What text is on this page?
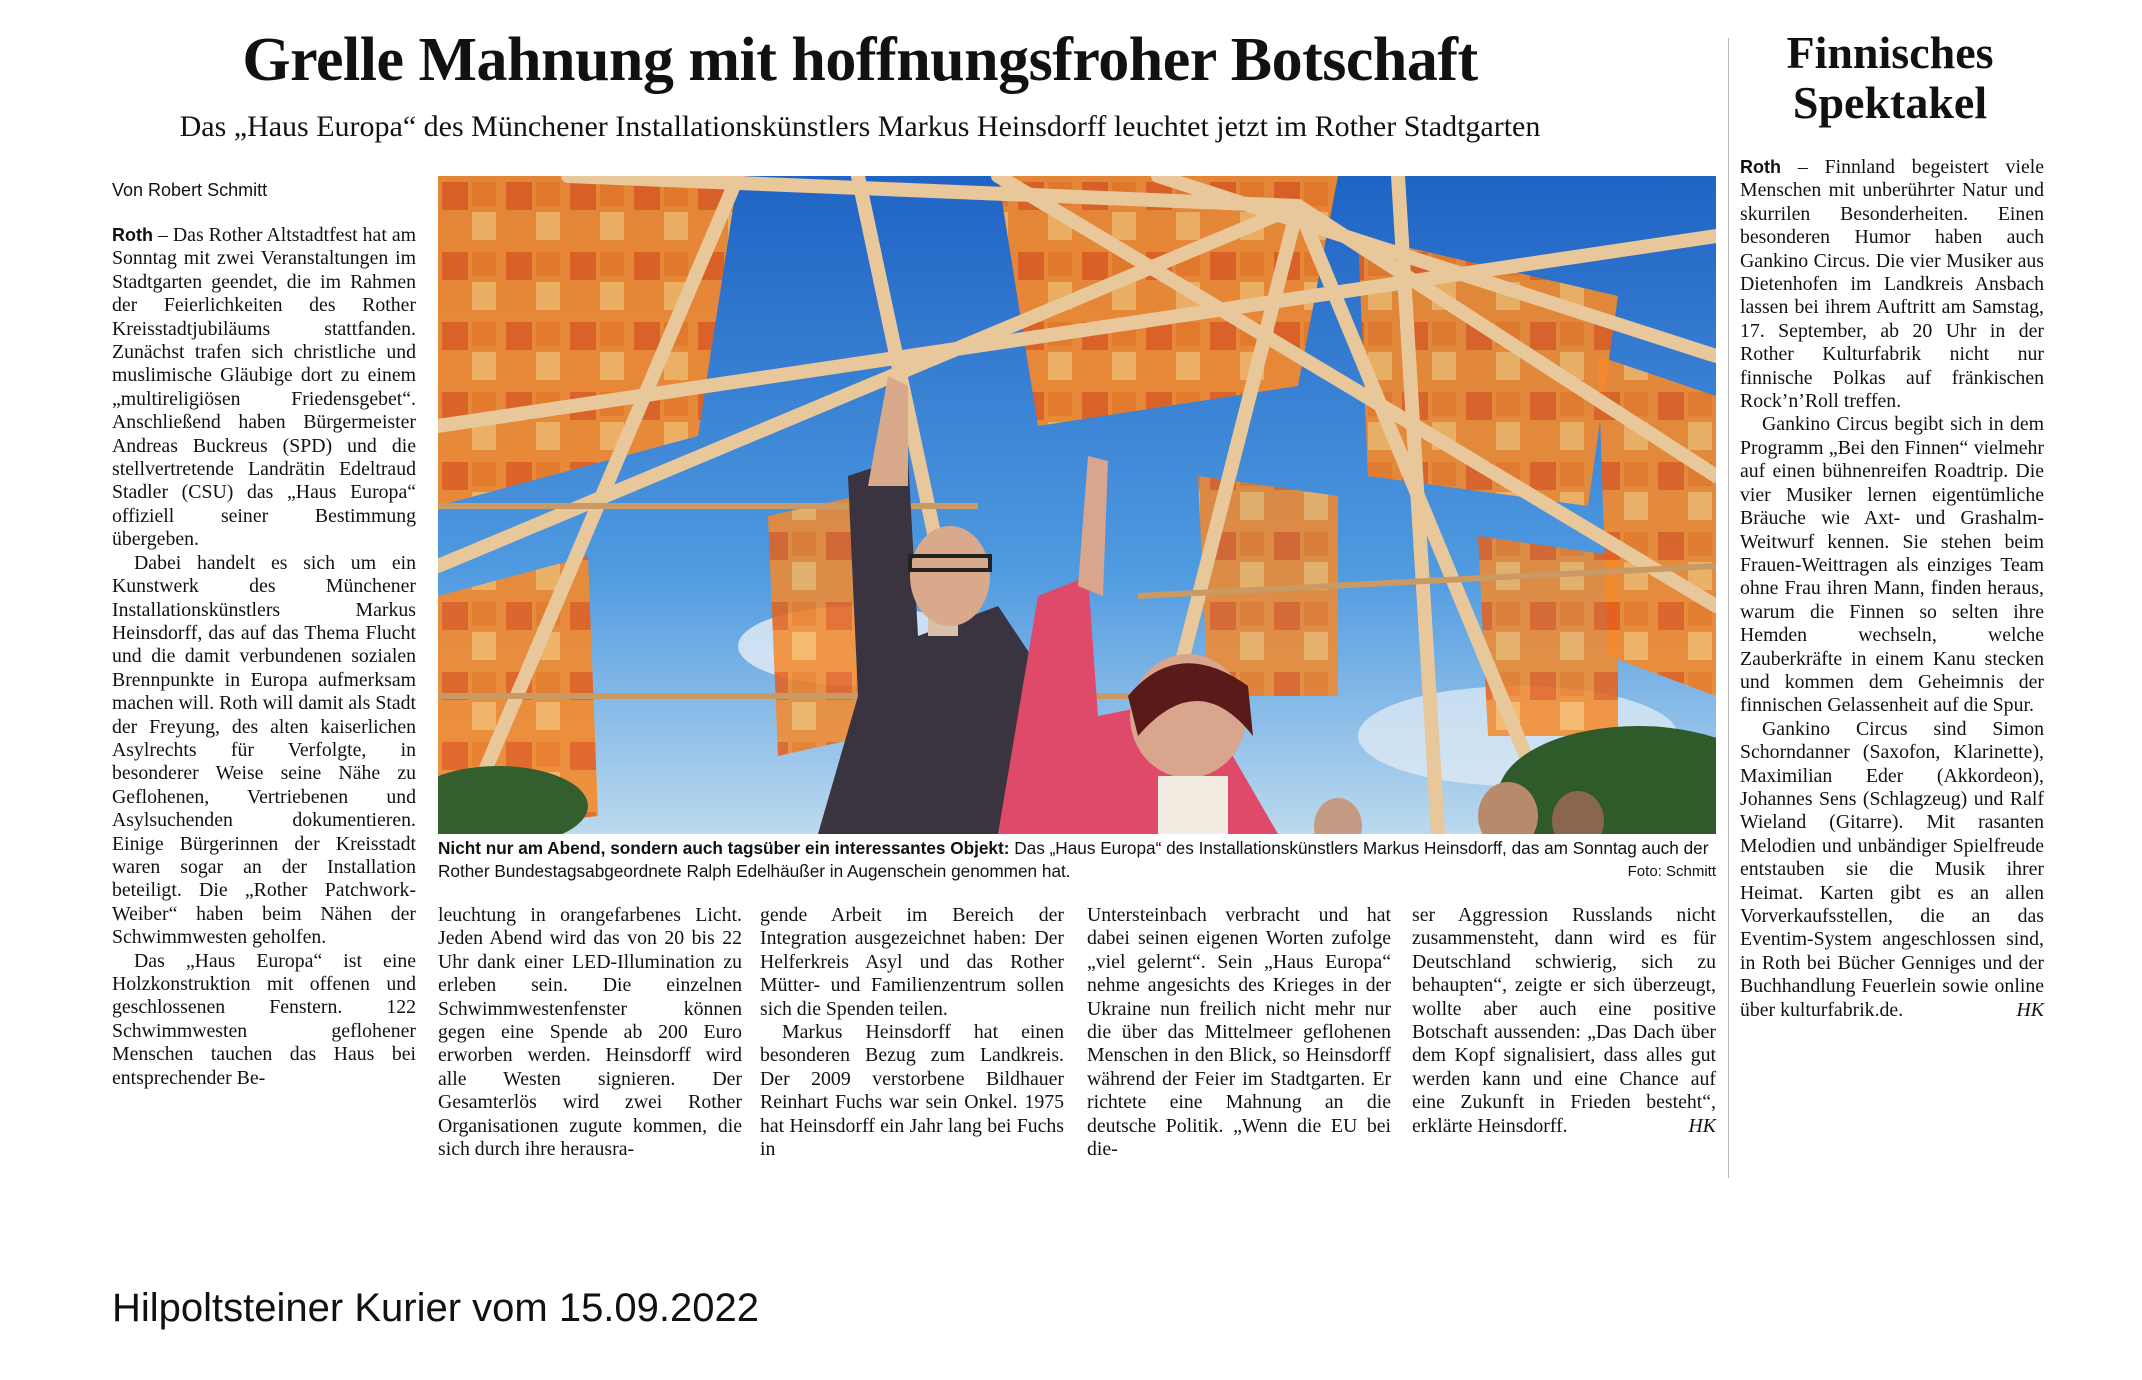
Grelle Mahnung mit hoffnungsfroher Botschaft

Das „Haus Europa“ des Münchener Installationskünstlers Markus Heinsdorff leuchtet jetzt im Rother Stadtgarten

Von Robert Schmitt

Roth – Das Rother Altstadtfest hat am Sonntag mit zwei Veranstaltungen im Stadtgarten geendet, die im Rahmen der Feierlichkeiten des Rother Kreisstadtjubiläums stattfanden. Zunächst trafen sich christliche und muslimische Gläubige dort zu einem „multireligiösen Friedensgebet“. Anschließend haben Bürgermeister Andreas Buckreus (SPD) und die stellvertretende Landrätin Edeltraud Stadler (CSU) das „Haus Europa“ offiziell seiner Bestimmung übergeben.

Dabei handelt es sich um ein Kunstwerk des Münchener Installationskünstlers Markus Heinsdorff, das auf das Thema Flucht und die damit verbundenen sozialen Brennpunkte in Europa aufmerksam machen will. Roth will damit als Stadt der Freyung, des alten kaiserlichen Asylrechts für Verfolgte, in besonderer Weise seine Nähe zu Geflohenen, Vertriebenen und Asylsuchenden dokumentieren. Einige Bürgerinnen der Kreisstadt waren sogar an der Installation beteiligt. Die „Rother Patchwork-Weiber“ haben beim Nähen der Schwimmwesten geholfen.

Das „Haus Europa“ ist eine Holzkonstruktion mit offenen und geschlossenen Fenstern. 122 Schwimmwesten geflohener Menschen tauchen das Haus bei entsprechender Be-

Nicht nur am Abend, sondern auch tagsüber ein interessantes Objekt: Das „Haus Europa“ des Installationskünstlers Markus Heinsdorff, das am Sonntag auch der Rother Bundestagsabgeordnete Ralph Edelhäußer in Augenschein genommen hat.	Foto: Schmitt

leuchtung in orangefarbenes Licht. Jeden Abend wird das von 20 bis 22 Uhr dank einer LED-Illumination zu erleben sein. Die einzelnen Schwimmwestenfenster können gegen eine Spende ab 200 Euro erworben werden. Heinsdorff wird alle Westen signieren. Der Gesamterlös wird zwei Rother Organisationen zugute kommen, die sich durch ihre herausra-

gende Arbeit im Bereich der Integration ausgezeichnet haben: Der Helferkreis Asyl und das Rother Mütter- und Familienzentrum sollen sich die Spenden teilen.

Markus Heinsdorff hat einen besonderen Bezug zum Landkreis. Der 2009 verstorbene Bildhauer Reinhart Fuchs war sein Onkel. 1975 hat Heinsdorff ein Jahr lang bei Fuchs in

Untersteinbach verbracht und hat dabei seinen eigenen Worten zufolge „viel gelernt“. Sein „Haus Europa“ nehme angesichts des Krieges in der Ukraine nun freilich nicht mehr nur die über das Mittelmeer geflohenen Menschen in den Blick, so Heinsdorff während der Feier im Stadtgarten. Er richtete eine Mahnung an die deutsche Politik. „Wenn die EU bei die-

ser Aggression Russlands nicht zusammensteht, dann wird es für Deutschland schwierig, sich zu behaupten“, zeigte er sich überzeugt, wollte aber auch eine positive Botschaft aussenden: „Das Dach über dem Kopf signalisiert, dass alles gut werden kann und eine Chance auf eine Zukunft in Frieden besteht“, erklärte Heinsdorff.	HK

Finnisches
Spektakel

Roth – Finnland begeistert viele Menschen mit unberührter Natur und skurrilen Besonderheiten. Einen besonderen Humor haben auch Gankino Circus. Die vier Musiker aus Dietenhofen im Landkreis Ansbach lassen bei ihrem Auftritt am Samstag, 17. September, ab 20 Uhr in der Rother Kulturfabrik nicht nur finnische Polkas auf fränkischen Rock’n’Roll treffen.

Gankino Circus begibt sich in dem Programm „Bei den Finnen“ vielmehr auf einen bühnenreifen Roadtrip. Die vier Musiker lernen eigentümliche Bräuche wie Axt- und Grashalm-Weitwurf kennen. Sie stehen beim Frauen-Weittragen als einziges Team ohne Frau ihren Mann, finden heraus, warum die Finnen so selten ihre Hemden wechseln, welche Zauberkräfte in einem Kanu stecken und kommen dem Geheimnis der finnischen Gelassenheit auf die Spur.

Gankino Circus sind Simon Schorndanner (Saxofon, Klarinette), Maximilian Eder (Akkordeon), Johannes Sens (Schlagzeug) und Ralf Wieland (Gitarre). Mit rasanten Melodien und unbändiger Spielfreude entstauben sie die Musik ihrer Heimat. Karten gibt es an allen Vorverkaufsstellen, die an das Eventim-System angeschlossen sind, in Roth bei Bücher Genniges und der Buchhandlung Feuerlein sowie online über kulturfabrik.de.	HK

Hilpoltsteiner Kurier vom 15.09.2022
